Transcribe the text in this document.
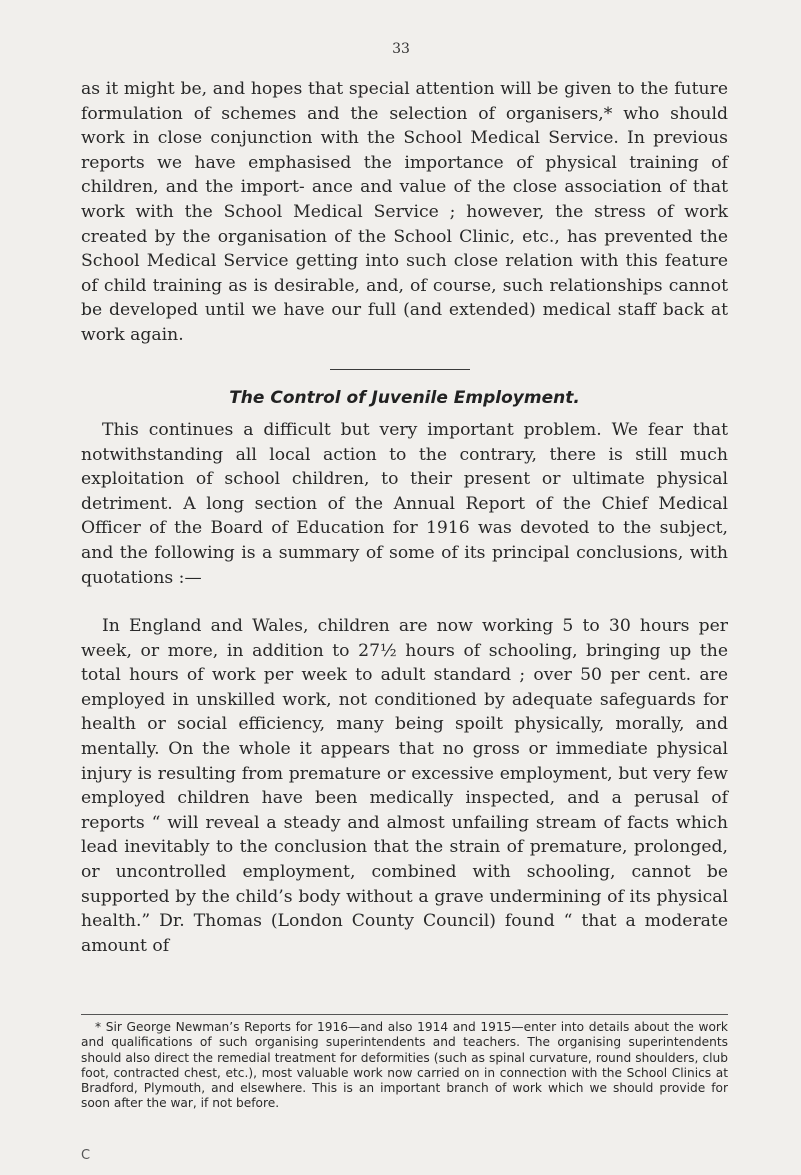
33

as it might be, and hopes that special attention will be given to the future formulation of schemes and the selection of organisers,* who should work in close conjunction with the School Medical Service. In previous reports we have emphasised the importance of physical training of children, and the import- ance and value of the close association of that work with the School Medical Service ; however, the stress of work created by the organisation of the School Clinic, etc., has prevented the School Medical Service getting into such close relation with this feature of child training as is desirable, and, of course, such relationships cannot be developed until we have our full (and extended) medical staff back at work again.

The Control of Juvenile Employment.

This continues a difficult but very important problem. We fear that notwithstanding all local action to the contrary, there is still much exploitation of school children, to their present or ultimate physical detriment. A long section of the Annual Report of the Chief Medical Officer of the Board of Education for 1916 was devoted to the subject, and the following is a summary of some of its principal conclusions, with quotations :—

In England and Wales, children are now working 5 to 30 hours per week, or more, in addition to 27½ hours of schooling, bringing up the total hours of work per week to adult standard ; over 50 per cent. are employed in unskilled work, not conditioned by adequate safeguards for health or social efficiency, many being spoilt physically, morally, and mentally. On the whole it appears that no gross or immediate physical injury is resulting from premature or excessive employment, but very few employed children have been medically inspected, and a perusal of reports “ will reveal a steady and almost unfailing stream of facts which lead inevitably to the conclusion that the strain of premature, prolonged, or uncontrolled employment, combined with schooling, cannot be supported by the child’s body without a grave undermining of its physical health.” Dr. Thomas (London County Council) found “ that a moderate amount of

* Sir George Newman’s Reports for 1916—and also 1914 and 1915—enter into details about the work and qualifications of such organising superintendents and teachers. The organising superintendents should also direct the remedial treatment for deformities (such as spinal curvature, round shoulders, club foot, contracted chest, etc.), most valuable work now carried on in connection with the School Clinics at Bradford, Plymouth, and elsewhere. This is an important branch of work which we should provide for soon after the war, if not before.

C
